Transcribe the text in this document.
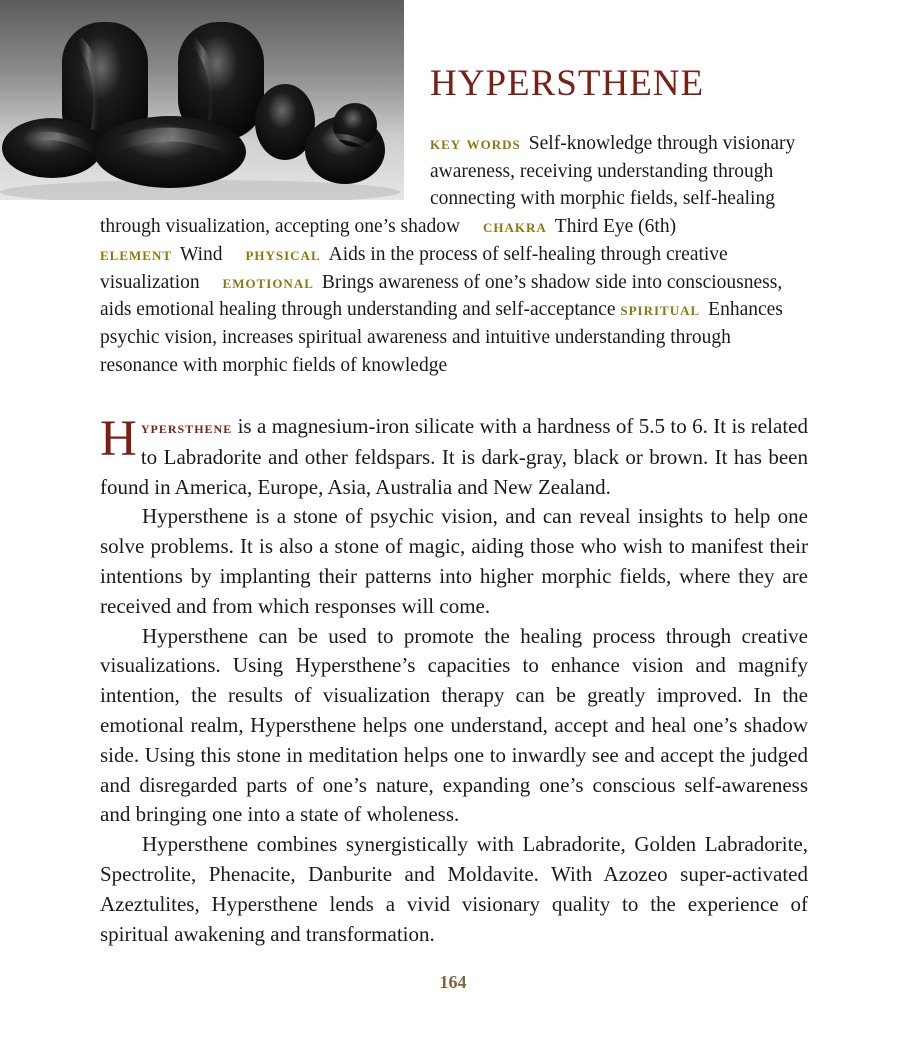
HYPERSTHENE
key words Self-knowledge through visionary awareness, receiving understanding through connecting with morphic fields, self-healing through visualization, accepting one’s shadow chakra Third Eye (6th) element Wind physical Aids in the process of self-healing through creative visualization emotional Brings awareness of one’s shadow side into consciousness, aids emotional healing through understanding and self-acceptance spiritual Enhances psychic vision, increases spiritual awareness and intuitive understanding through resonance with morphic fields of knowledge

Hypersthene is a magnesium-iron silicate with a hardness of 5.5 to 6. It is related to Labradorite and other feldspars. It is dark-gray, black or brown. It has been found in America, Europe, Asia, Australia and New Zealand.

Hypersthene is a stone of psychic vision, and can reveal insights to help one solve problems. It is also a stone of magic, aiding those who wish to manifest their intentions by implanting their patterns into higher morphic fields, where they are received and from which responses will come.

Hypersthene can be used to promote the healing process through creative visualizations. Using Hypersthene’s capacities to enhance vision and magnify intention, the results of visualization therapy can be greatly improved. In the emotional realm, Hypersthene helps one understand, accept and heal one’s shadow side. Using this stone in meditation helps one to inwardly see and accept the judged and disregarded parts of one’s nature, expanding one’s conscious self-awareness and bringing one into a state of wholeness.

Hypersthene combines synergistically with Labradorite, Golden Labradorite, Spectrolite, Phenacite, Danburite and Moldavite. With Azozeo super-activated Azeztulites, Hypersthene lends a vivid visionary quality to the experience of spiritual awakening and transformation.

164
